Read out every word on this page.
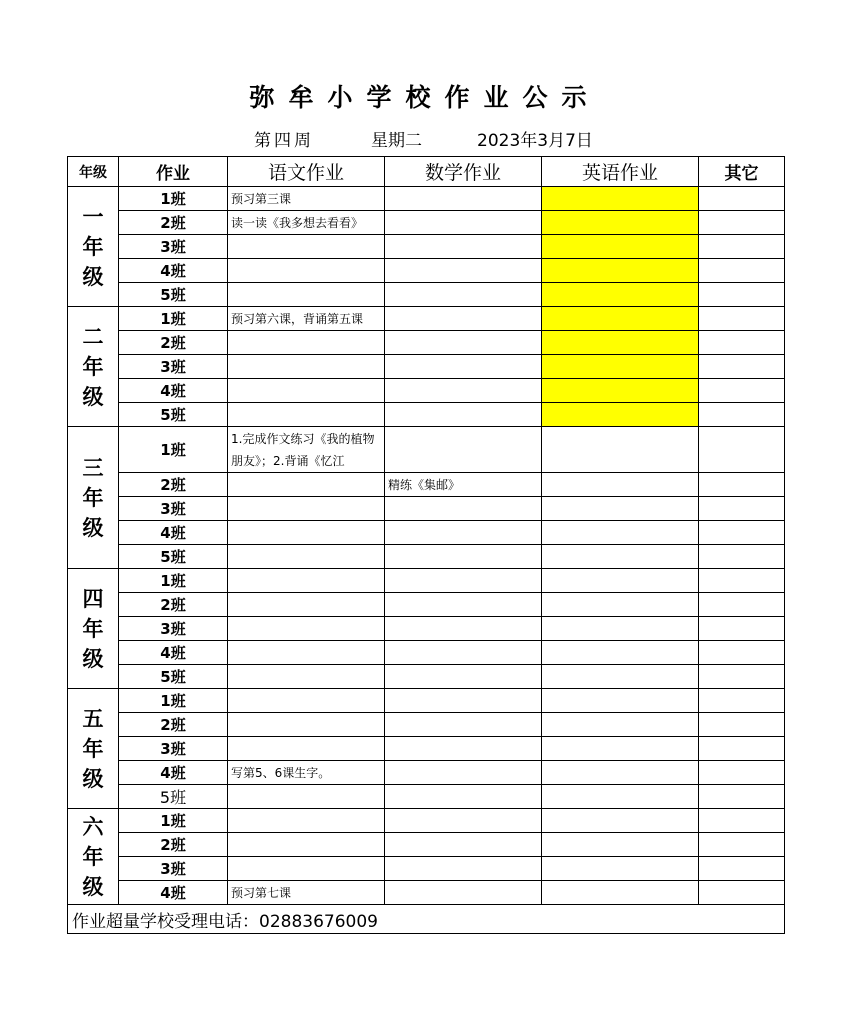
弥牟小学校作业公示
第四周	星期二	2023年3月7日
年级	作业	语文作业	数学作业	英语作业	其它

一
年
级	1班	预习第三课			
	2班	读一读《我多想去看看》			
	3班				
	4班				
	5班				

二
年
级	1班	预习第六课，背诵第五课			
	2班				
	3班				
	4班				
	5班				

三
年
级	1班	1.完成作文练习《我的植物朋友》；2.背诵《忆江			
	2班		精练《集邮》		
	3班				
	4班				
	5班				

四
年
级	1班				
	2班				
	3班				
	4班				
	5班				

五
年
级	1班				
	2班				
	3班				
	4班	写第5、6课生字。			
	5班				

六
年
级	1班				
	2班				
	3班				
	4班	预习第七课			
作业超量学校受理电话：02883676009					
